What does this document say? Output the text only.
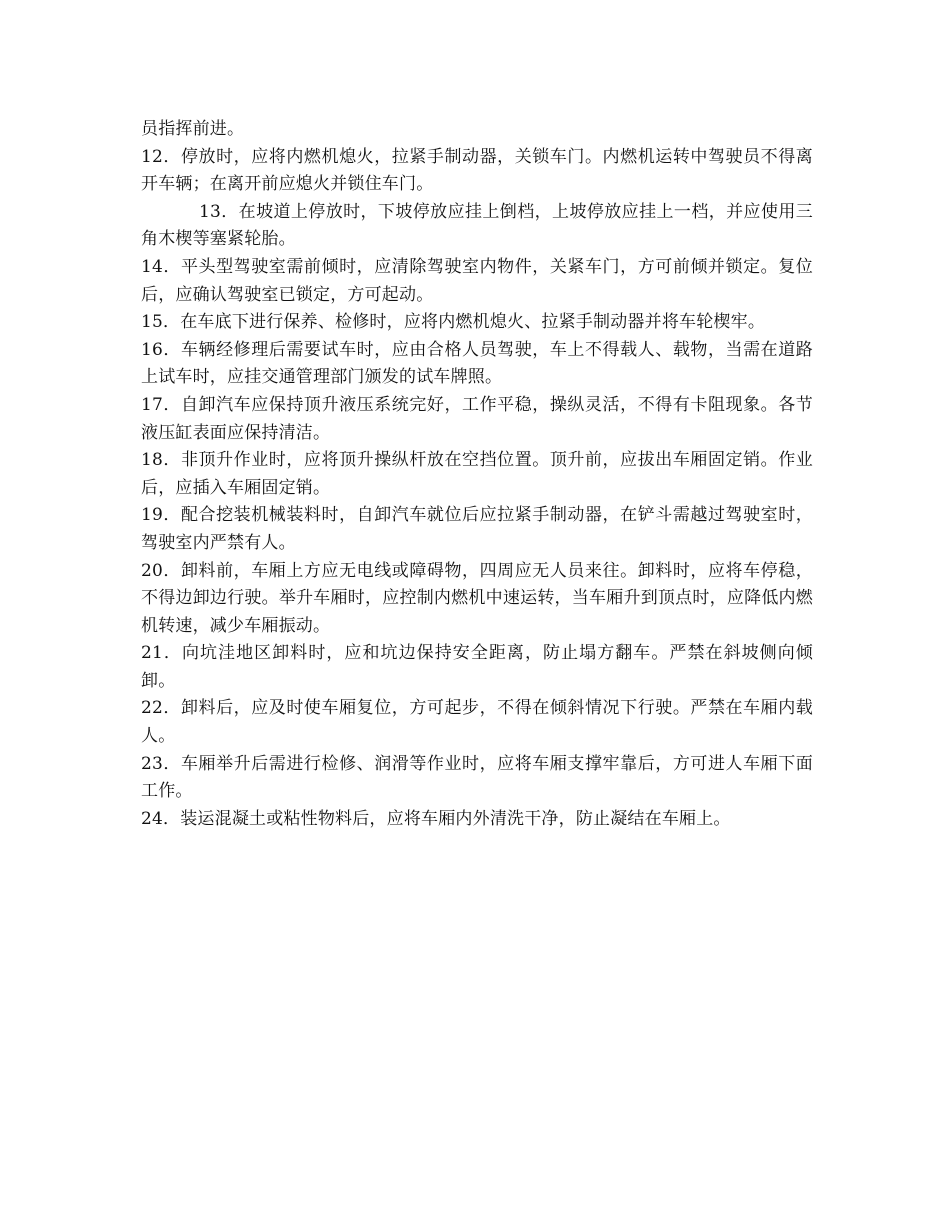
员指挥前进。

12．停放时，应将内燃机熄火，拉紧手制动器，关锁车门。内燃机运转中驾驶员不得离开车辆；在离开前应熄火并锁住车门。

13．在坡道上停放时，下坡停放应挂上倒档，上坡停放应挂上一档，并应使用三角木楔等塞紧轮胎。

14．平头型驾驶室需前倾时，应清除驾驶室内物件，关紧车门，方可前倾并锁定。复位后，应确认驾驶室已锁定，方可起动。

15．在车底下进行保养、检修时，应将内燃机熄火、拉紧手制动器并将车轮楔牢。

16．车辆经修理后需要试车时，应由合格人员驾驶，车上不得载人、载物，当需在道路上试车时，应挂交通管理部门颁发的试车牌照。

17．自卸汽车应保持顶升液压系统完好，工作平稳，操纵灵活，不得有卡阻现象。各节液压缸表面应保持清洁。

18．非顶升作业时，应将顶升操纵杆放在空挡位置。顶升前，应拔出车厢固定销。作业后，应插入车厢固定销。

19．配合挖装机械装料时，自卸汽车就位后应拉紧手制动器，在铲斗需越过驾驶室时，驾驶室内严禁有人。

20．卸料前，车厢上方应无电线或障碍物，四周应无人员来往。卸料时，应将车停稳，不得边卸边行驶。举升车厢时，应控制内燃机中速运转，当车厢升到顶点时，应降低内燃机转速，减少车厢振动。

21．向坑洼地区卸料时，应和坑边保持安全距离，防止塌方翻车。严禁在斜坡侧向倾卸。

22．卸料后，应及时使车厢复位，方可起步，不得在倾斜情况下行驶。严禁在车厢内载人。

23．车厢举升后需进行检修、润滑等作业时，应将车厢支撑牢靠后，方可进人车厢下面工作。

24．装运混凝土或粘性物料后，应将车厢内外清洗干净，防止凝结在车厢上。
